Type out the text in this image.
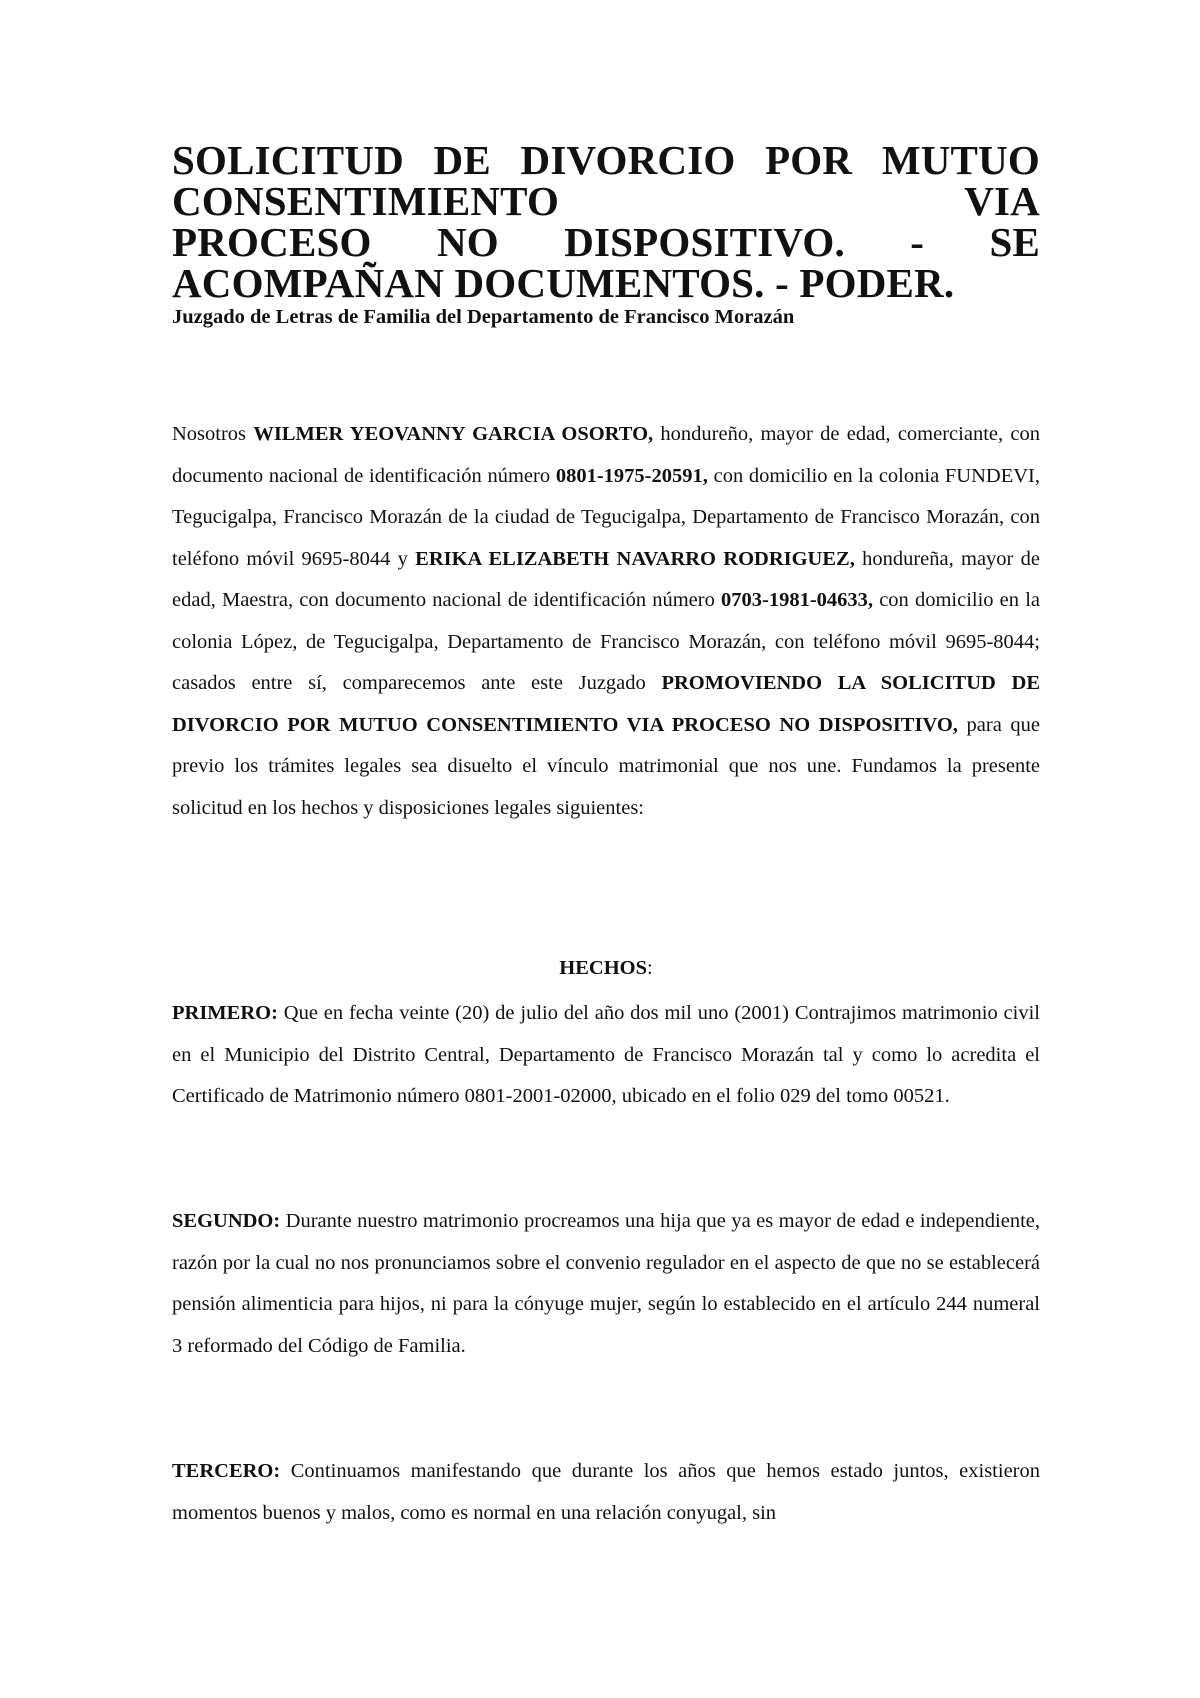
SOLICITUD DE DIVORCIO POR MUTUO CONSENTIMIENTO VIA
PROCESO NO DISPOSITIVO. - SE ACOMPAÑAN DOCUMENTOS. - PODER.

Juzgado de Letras de Familia del Departamento de Francisco Morazán

Nosotros WILMER YEOVANNY GARCIA OSORTO, hondureño, mayor de edad, comerciante, con documento nacional de identificación número 0801-1975-20591, con domicilio en la colonia FUNDEVI, Tegucigalpa, Francisco Morazán de la ciudad de Tegucigalpa, Departamento de Francisco Morazán, con teléfono móvil 9695-8044 y ERIKA ELIZABETH NAVARRO RODRIGUEZ, hondureña, mayor de edad, Maestra, con documento nacional de identificación número 0703-1981-04633, con domicilio en la colonia López, de Tegucigalpa, Departamento de Francisco Morazán, con teléfono móvil 9695-8044; casados entre sí, comparecemos ante este Juzgado PROMOVIENDO LA SOLICITUD DE DIVORCIO POR MUTUO CONSENTIMIENTO VIA PROCESO NO DISPOSITIVO, para que previo los trámites legales sea disuelto el vínculo matrimonial que nos une. Fundamos la presente solicitud en los hechos y disposiciones legales siguientes:

HECHOS:

PRIMERO: Que en fecha veinte (20) de julio del año dos mil uno (2001) Contrajimos matrimonio civil en el Municipio del Distrito Central, Departamento de Francisco Morazán tal y como lo acredita el Certificado de Matrimonio número 0801-2001-02000, ubicado en el folio 029 del tomo 00521.

SEGUNDO: Durante nuestro matrimonio procreamos una hija que ya es mayor de edad e independiente, razón por la cual no nos pronunciamos sobre el convenio regulador en el aspecto de que no se establecerá pensión alimenticia para hijos, ni para la cónyuge mujer, según lo establecido en el artículo 244 numeral 3 reformado del Código de Familia.

TERCERO: Continuamos manifestando que durante los años que hemos estado juntos, existieron momentos buenos y malos, como es normal en una relación conyugal, sin
